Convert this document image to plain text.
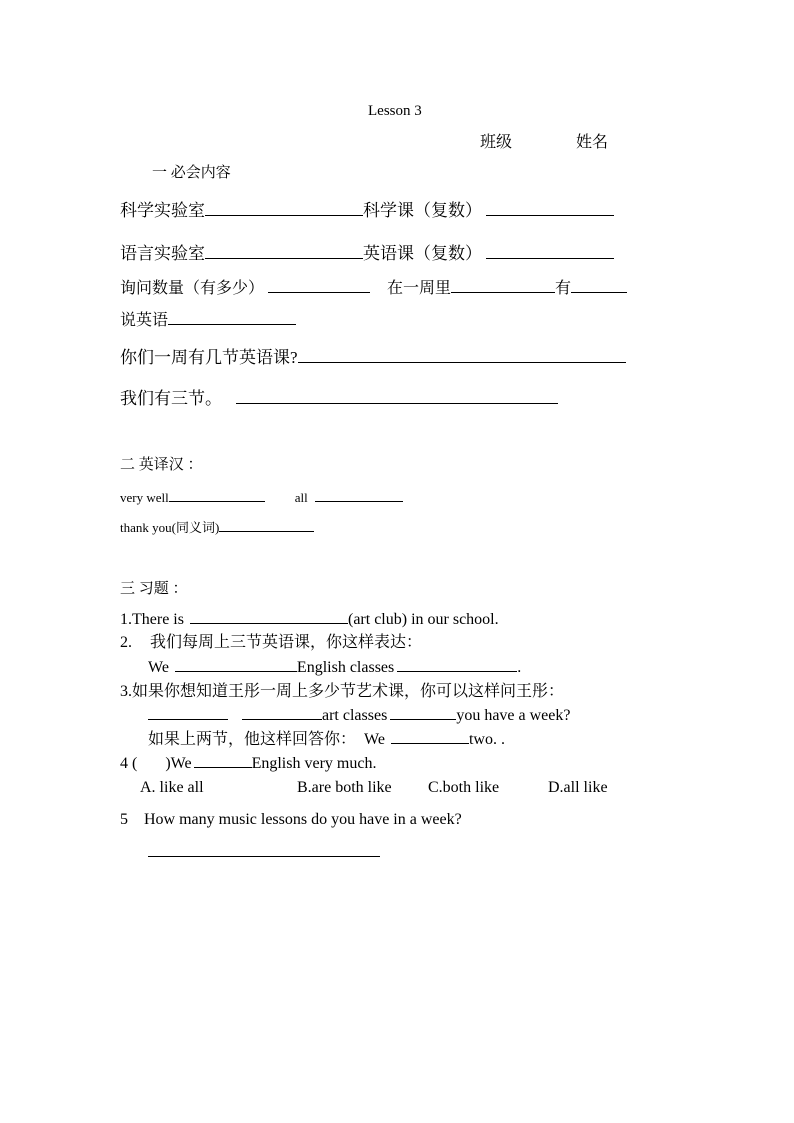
Lesson 3
班级	姓名
一 必会内容
科学实验室	科学课（复数）
语言实验室	英语课（复数）
询问数量（有多少）	在一周里	有
说英语
你们一周有几节英语课?
我们有三节。
二 英译汉 ：
very well	all
thank you(同义词)
三 习题 ：
1.There is	(art club) in our school.
2. 我们每周上三节英语课，你这样表达：
We	English classes	.
3.如果你想知道王彤一周上多少节艺术课，你可以这样问王彤：
art classes	you have a week?
如果上两节，他这样回答你： We	two. .
4 ( )We	English very much.
A. like all	B.are both like C.both like	D.all like
5 How many music lessons do you have in a week?
